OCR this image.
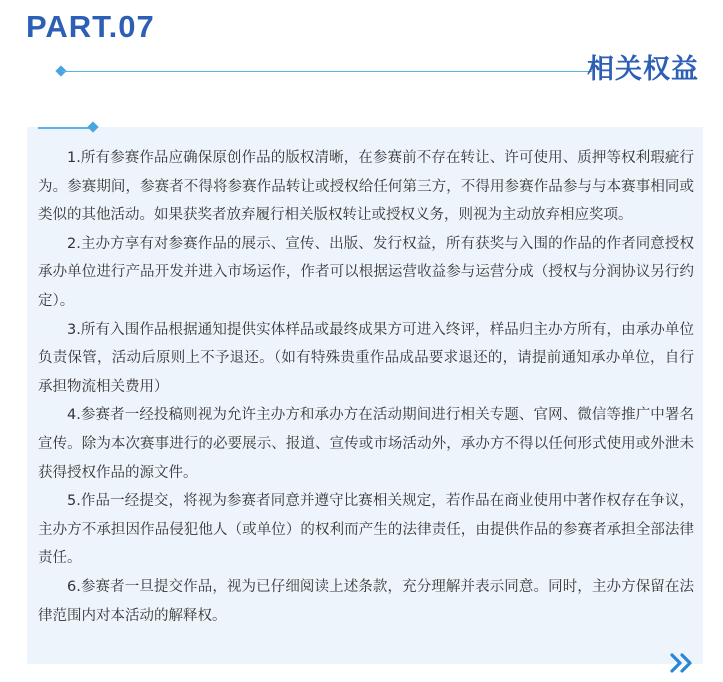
PART.07
相关权益

1.所有参赛作品应确保原创作品的版权清晰，在参赛前不存在转让、许可使用、质押等权利瑕疵行为。参赛期间，参赛者不得将参赛作品转让或授权给任何第三方，不得用参赛作品参与与本赛事相同或类似的其他活动。如果获奖者放弃履行相关版权转让或授权义务，则视为主动放弃相应奖项。

2.主办方享有对参赛作品的展示、宣传、出版、发行权益，所有获奖与入围的作品的作者同意授权承办单位进行产品开发并进入市场运作，作者可以根据运营收益参与运营分成（授权与分润协议另行约定）。

3.所有入围作品根据通知提供实体样品或最终成果方可进入终评，样品归主办方所有，由承办单位负责保管，活动后原则上不予退还。（如有特殊贵重作品成品要求退还的，请提前通知承办单位，自行承担物流相关费用）

4.参赛者一经投稿则视为允许主办方和承办方在活动期间进行相关专题、官网、微信等推广中署名宣传。除为本次赛事进行的必要展示、报道、宣传或市场活动外，承办方不得以任何形式使用或外泄未获得授权作品的源文件。

5.作品一经提交，将视为参赛者同意并遵守比赛相关规定，若作品在商业使用中著作权存在争议，主办方不承担因作品侵犯他人（或单位）的权利而产生的法律责任，由提供作品的参赛者承担全部法律责任。

6.参赛者一旦提交作品，视为已仔细阅读上述条款，充分理解并表示同意。同时，主办方保留在法律范围内对本活动的解释权。
